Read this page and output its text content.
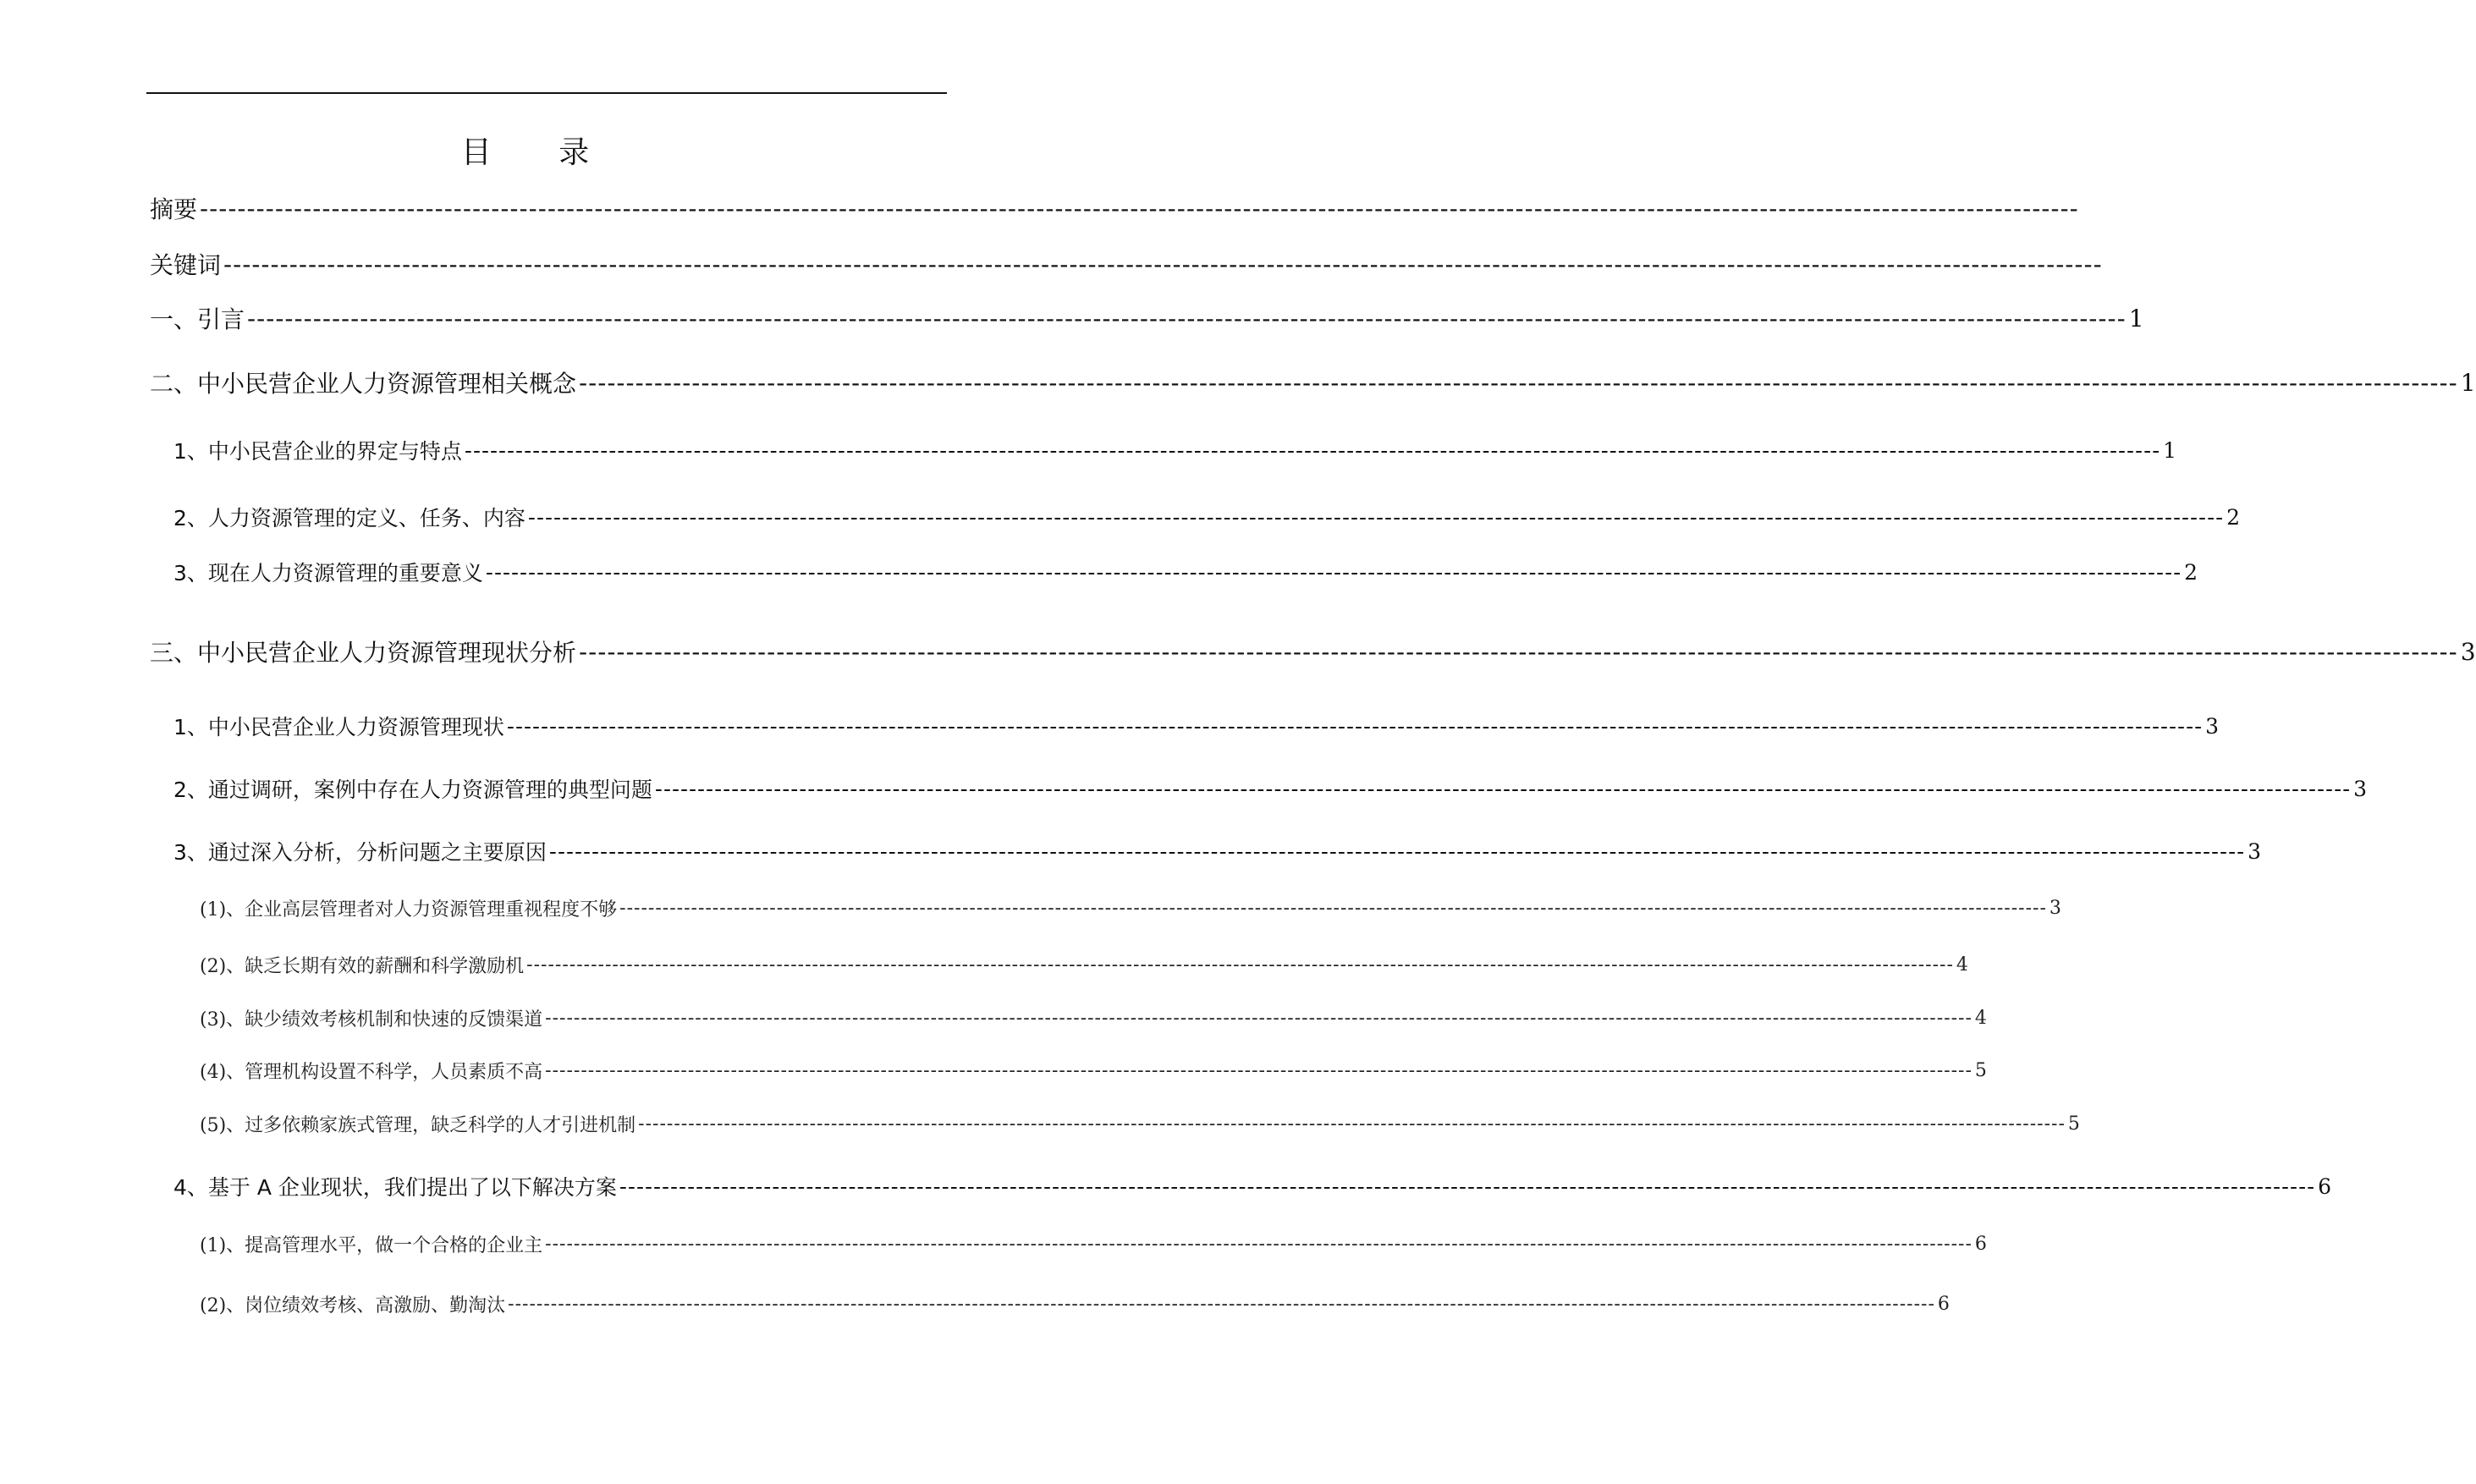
目 录
摘要 --------------------------------------------------------------------------------------------------------------------------------------------------------------------------------------------------------
关键词 --------------------------------------------------------------------------------------------------------------------------------------------------------------------------------------------------------
一、引言 -------------------------------------------------------------------------------------------------------------------------------------------------------------------------------------------------------- 1
二、中小民营企业人力资源管理相关概念 -------------------------------------------------------------------------------------------------------------------------------------------------------------------------------------------------------- 1
1、中小民营企业的界定与特点 -------------------------------------------------------------------------------------------------------------------------------------------------------------------------------------------------------- 1
2、人力资源管理的定义、任务、内容 -------------------------------------------------------------------------------------------------------------------------------------------------------------------------------------------------------- 2
3、现在人力资源管理的重要意义 -------------------------------------------------------------------------------------------------------------------------------------------------------------------------------------------------------- 2
三、中小民营企业人力资源管理现状分析 -------------------------------------------------------------------------------------------------------------------------------------------------------------------------------------------------------- 3
1、中小民营企业人力资源管理现状 -------------------------------------------------------------------------------------------------------------------------------------------------------------------------------------------------------- 3
2、通过调研，案例中存在人力资源管理的典型问题 -------------------------------------------------------------------------------------------------------------------------------------------------------------------------------------------------------- 3
3、通过深入分析，分析问题之主要原因 -------------------------------------------------------------------------------------------------------------------------------------------------------------------------------------------------------- 3
(1)、企业高层管理者对人力资源管理重视程度不够 -------------------------------------------------------------------------------------------------------------------------------------------------------------------------------------------------------- 3
(2)、缺乏长期有效的薪酬和科学激励机 -------------------------------------------------------------------------------------------------------------------------------------------------------------------------------------------------------- 4
(3)、缺少绩效考核机制和快速的反馈渠道 -------------------------------------------------------------------------------------------------------------------------------------------------------------------------------------------------------- 4
(4)、管理机构设置不科学，人员素质不高 -------------------------------------------------------------------------------------------------------------------------------------------------------------------------------------------------------- 5
(5)、过多依赖家族式管理，缺乏科学的人才引进机制 -------------------------------------------------------------------------------------------------------------------------------------------------------------------------------------------------------- 5
4、基于 A 企业现状，我们提出了以下解决方案 -------------------------------------------------------------------------------------------------------------------------------------------------------------------------------------------------------- 6
(1)、提高管理水平，做一个合格的企业主 -------------------------------------------------------------------------------------------------------------------------------------------------------------------------------------------------------- 6
(2)、岗位绩效考核、高激励、勤淘汰 -------------------------------------------------------------------------------------------------------------------------------------------------------------------------------------------------------- 6
